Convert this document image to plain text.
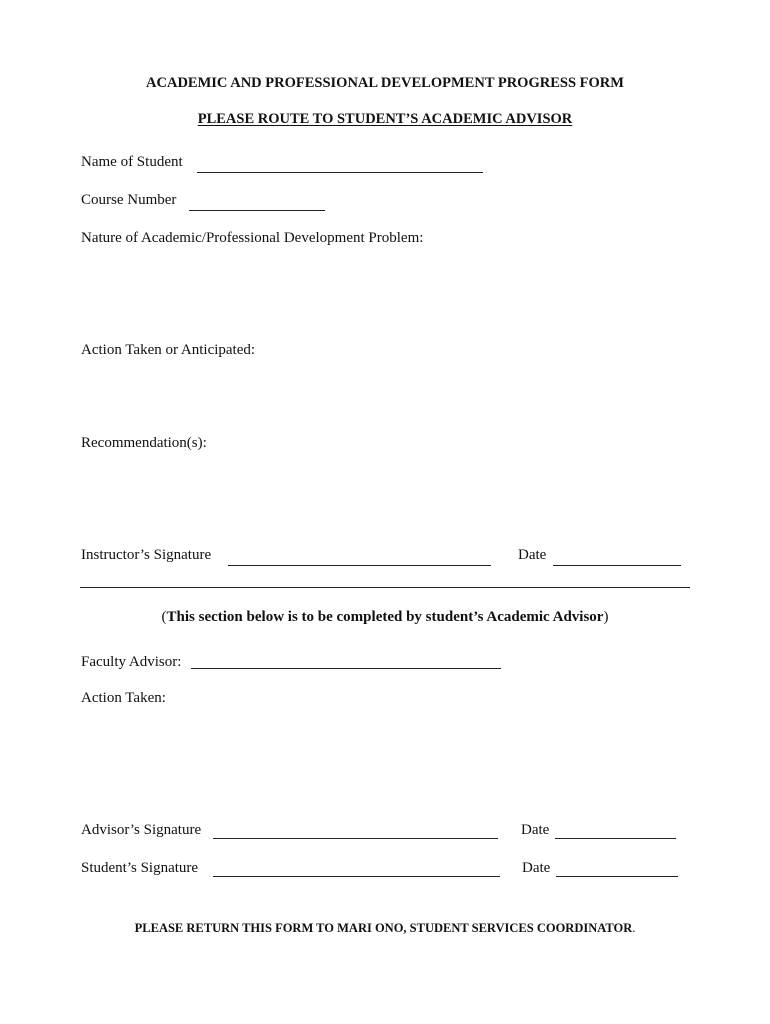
ACADEMIC AND PROFESSIONAL DEVELOPMENT PROGRESS FORM
PLEASE ROUTE TO STUDENT’S ACADEMIC ADVISOR
Name of Student
Course Number
Nature of Academic/Professional Development Problem:
Action Taken or Anticipated:
Recommendation(s):
Instructor’s Signature	Date
(This section below is to be completed by student’s Academic Advisor)
Faculty Advisor:
Action Taken:
Advisor’s Signature	Date
Student’s Signature	Date
PLEASE RETURN THIS FORM TO MARI ONO, STUDENT SERVICES COORDINATOR.
